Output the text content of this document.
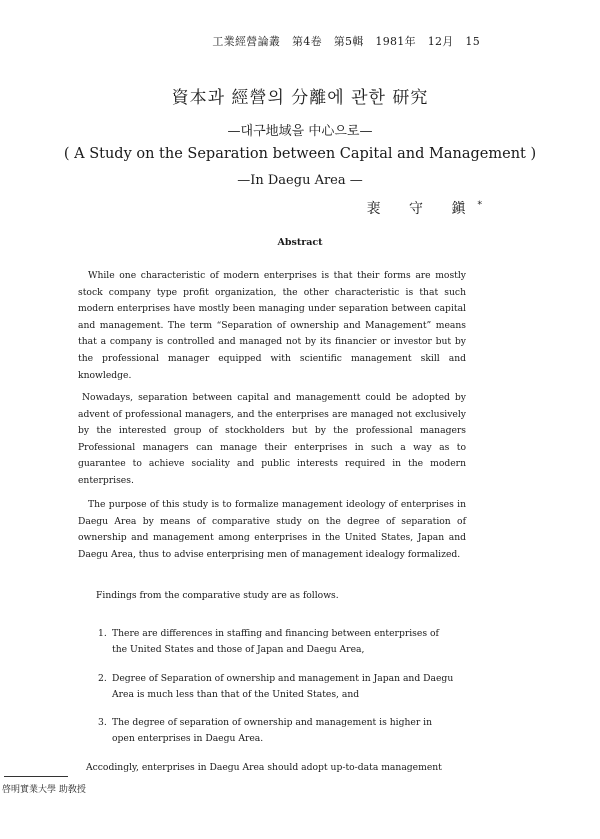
工業經營論叢 第4卷 第5輯 1981年 12月 15
資本과 經營의 分離에 관한 研究
—대구地域을 中心으로—
( A Study on the Separation between Capital and Management )
—In Daegu Area —
裵 守 鎭*
Abstract

While one characteristic of modern enterprises is that their forms are mostly stock company type profit organization, the other characteristic is that such modern enterprises have mostly been managing under separation between capital and management. The term “Separation of ownership and Management” means that a company is controlled and managed not by its financier or investor but by the professional manager equipped with scientific management skill and knowledge.

Nowadays, separation between capital and managementt could be adopted by advent of professional managers, and the enterprises are managed not exclusively by the interested group of stockholders but by the professional managers Professional managers can manage their enterprises in such a way as to guarantee to achieve sociality and public interests required in the modern enterprises.

The purpose of this study is to formalize management ideology of enterprises in Daegu Area by means of comparative study on the degree of separation of ownership and management among enterprises in the United States, Japan and Daegu Area, thus to advise enterprising men of management idealogy formalized.

Findings from the comparative study are as follows.
1. There are differences in staffing and financing between enterprises of the United States and those of Japan and Daegu Area,
2. Degree of Separation of ownership and management in Japan and Daegu Area is much less than that of the United States, and
3. The degree of separation of ownership and management is higher in open enterprises in Daegu Area.
Accodingly, enterprises in Daegu Area should adopt up-to-data management
啓明實業大學 助敎授
